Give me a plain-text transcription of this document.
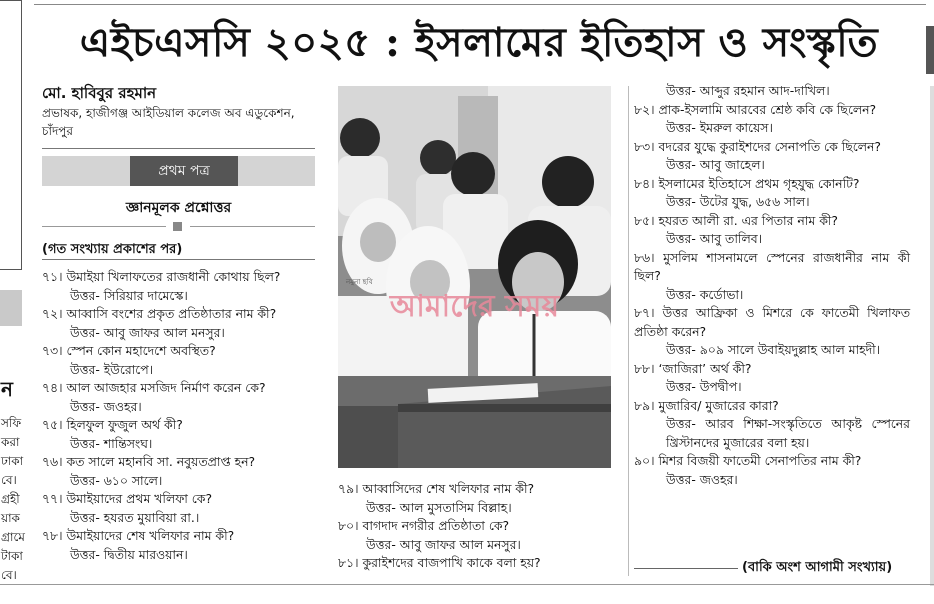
ন
সফি
করা
ঢাকা
বে।
গ্রহী
য়াক
গ্রামে
টাকা
বে।
এইচএসসি ২০২৫ : ইসলামের ইতিহাস ও সংস্কৃতি
মো. হাবিবুর রহমান
প্রভাষক, হাজীগঞ্জ আইডিয়াল কলেজ অব এডুকেশন, চাঁদপুর
প্রথম পত্র
জ্ঞানমূলক প্রশ্নোত্তর
(গত সংখ্যায় প্রকাশের পর)
৭১। উমাইয়া খিলাফতের রাজধানী কোথায় ছিল?
উত্তর- সিরিয়ার দামেস্কে।
৭২। আব্বাসি বংশের প্রকৃত প্রতিষ্ঠাতার নাম কী?
উত্তর- আবু জাফর আল মনসুর।
৭৩। স্পেন কোন মহাদেশে অবস্থিত?
উত্তর- ইউরোপে।
৭৪। আল আজহার মসজিদ নির্মাণ করেন কে?
উত্তর- জওহর।
৭৫। হিলফুল ফুজুল অর্থ কী?
উত্তর- শান্তিসংঘ।
৭৬। কত সালে মহানবি সা. নবুয়তপ্রাপ্ত হন?
উত্তর- ৬১০ সালে।
৭৭। উমাইয়াদের প্রথম খলিফা কে?
উত্তর- হযরত মুয়াবিয়া রা.।
৭৮। উমাইয়াদের শেষ খলিফার নাম কী?
উত্তর- দ্বিতীয় মারওয়ান।
আমাদের সময়
নমুনা ছবি
৭৯। আব্বাসিদের শেষ খলিফার নাম কী?
উত্তর- আল মুসতাসিম বিল্লাহ।
৮০। বাগদাদ নগরীর প্রতিষ্ঠাতা কে?
উত্তর- আবু জাফর আল মনসুর।
৮১। কুরাইশদের বাজপাখি কাকে বলা হয়?
উত্তর- আব্দুর রহমান আদ-দাখিল।
৮২। প্রাক-ইসলামি আরবের শ্রেষ্ঠ কবি কে ছিলেন?
উত্তর- ইমরুল কায়েস।
৮৩। বদরের যুদ্ধে কুরাইশদের সেনাপতি কে ছিলেন?
উত্তর- আবু জাহেল।
৮৪। ইসলামের ইতিহাসে প্রথম গৃহযুদ্ধ কোনটি?
উত্তর- উটের যুদ্ধ, ৬৫৬ সাল।
৮৫। হযরত আলী রা. এর পিতার নাম কী?
উত্তর- আবু তালিব।
৮৬। মুসলিম শাসনামলে স্পেনের রাজধানীর নাম কী ছিল?
উত্তর- কর্ডোভা।
৮৭। উত্তর আফ্রিকা ও মিশরে কে ফাতেমী খিলাফত প্রতিষ্ঠা করেন?
উত্তর- ৯০৯ সালে উবাইয়দুল্লাহ আল মাহদী।
৮৮। ‘জাজিরা’ অর্থ কী?
উত্তর- উপদ্বীপ।
৮৯। মুজারিব/ মুজারের কারা?
উত্তর- আরব শিক্ষা-সংস্কৃতিতে আকৃষ্ট স্পেনের খ্রিস্টানদের মুজারের বলা হয়।
৯০। মিশর বিজয়ী ফাতেমী সেনাপতির নাম কী?
উত্তর- জওহর।
(বাকি অংশ আগামী সংখ্যায়)
